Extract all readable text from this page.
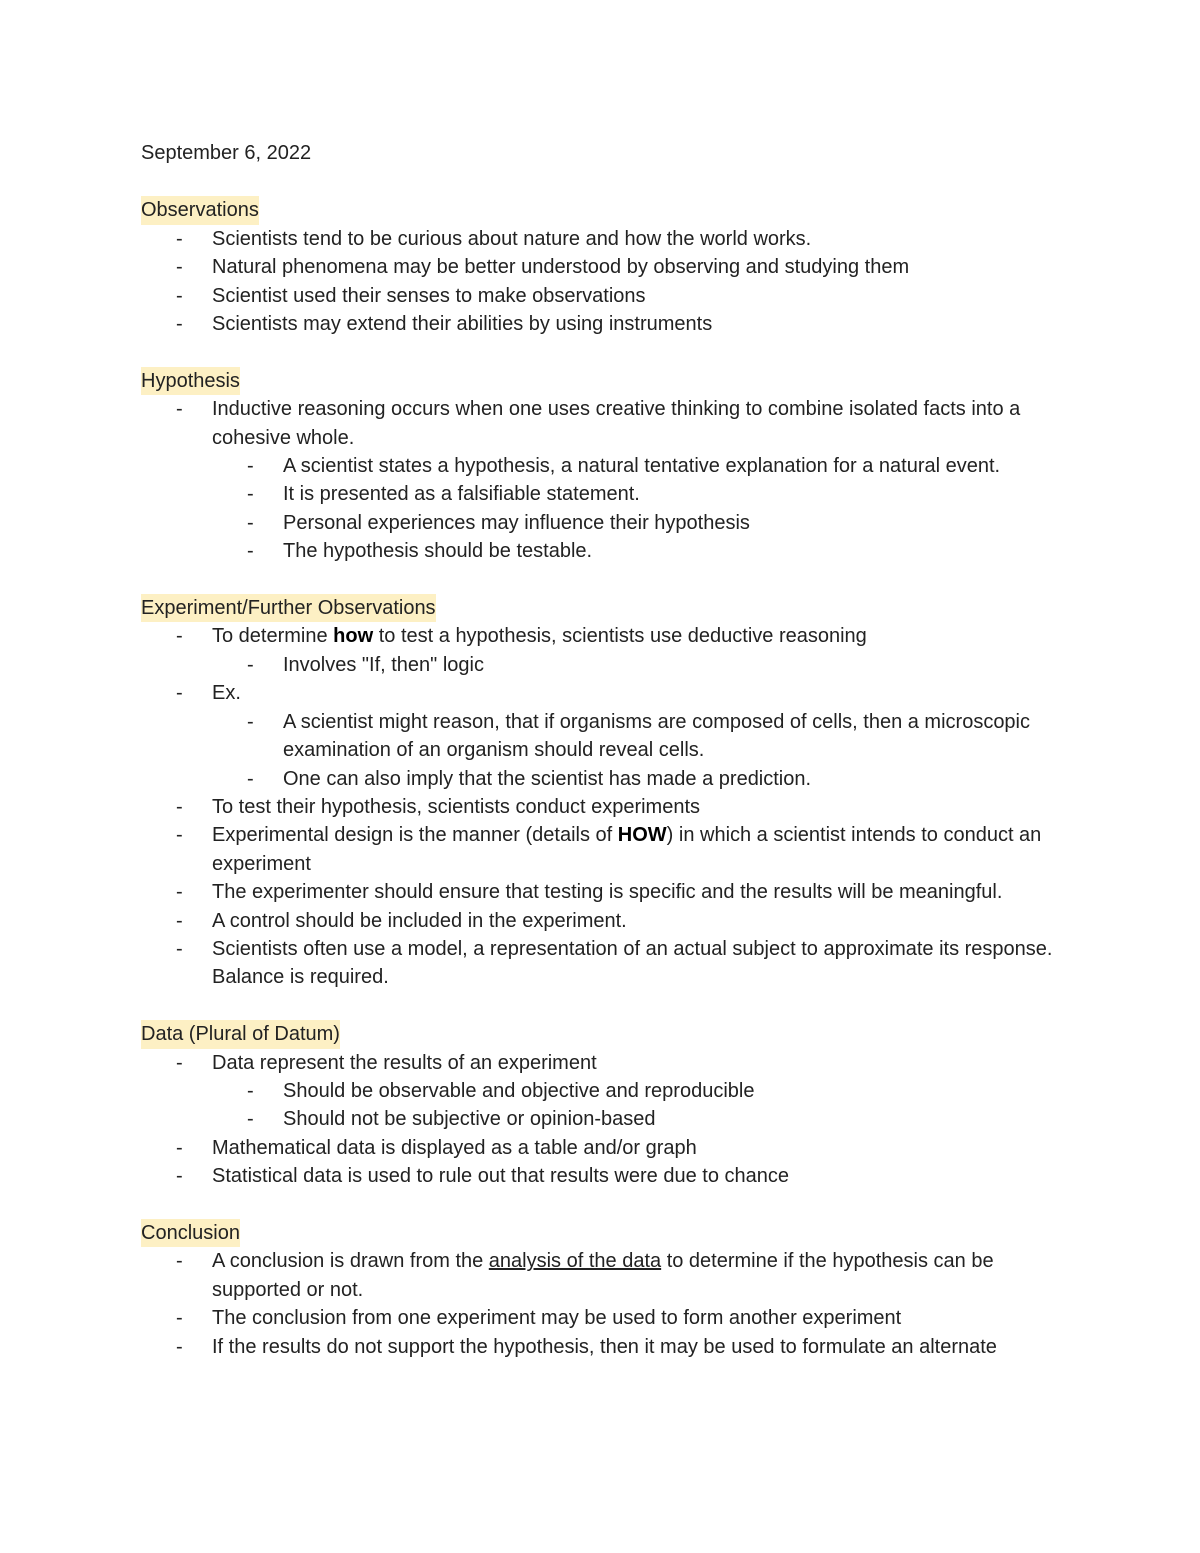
September 6, 2022

Observations

- Scientists tend to be curious about nature and how the world works.
- Natural phenomena may be better understood by observing and studying them
- Scientist used their senses to make observations
- Scientists may extend their abilities by using instruments

Hypothesis

- Inductive reasoning occurs when one uses creative thinking to combine isolated facts into a cohesive whole.
- A scientist states a hypothesis, a natural tentative explanation for a natural event.
- It is presented as a falsifiable statement.
- Personal experiences may influence their hypothesis
- The hypothesis should be testable.

Experiment/Further Observations

- To determine how to test a hypothesis, scientists use deductive reasoning
- Involves "If, then" logic
- Ex.
- A scientist might reason, that if organisms are composed of cells, then a microscopic examination of an organism should reveal cells.
- One can also imply that the scientist has made a prediction.
- To test their hypothesis, scientists conduct experiments
- Experimental design is the manner (details of HOW) in which a scientist intends to conduct an experiment
- The experimenter should ensure that testing is specific and the results will be meaningful.
- A control should be included in the experiment.
- Scientists often use a model, a representation of an actual subject to approximate its response. Balance is required.

Data (Plural of Datum)

- Data represent the results of an experiment
- Should be observable and objective and reproducible
- Should not be subjective or opinion-based
- Mathematical data is displayed as a table and/or graph
- Statistical data is used to rule out that results were due to chance

Conclusion

- A conclusion is drawn from the analysis of the data to determine if the hypothesis can be supported or not.
- The conclusion from one experiment may be used to form another experiment
- If the results do not support the hypothesis, then it may be used to formulate an alternate
